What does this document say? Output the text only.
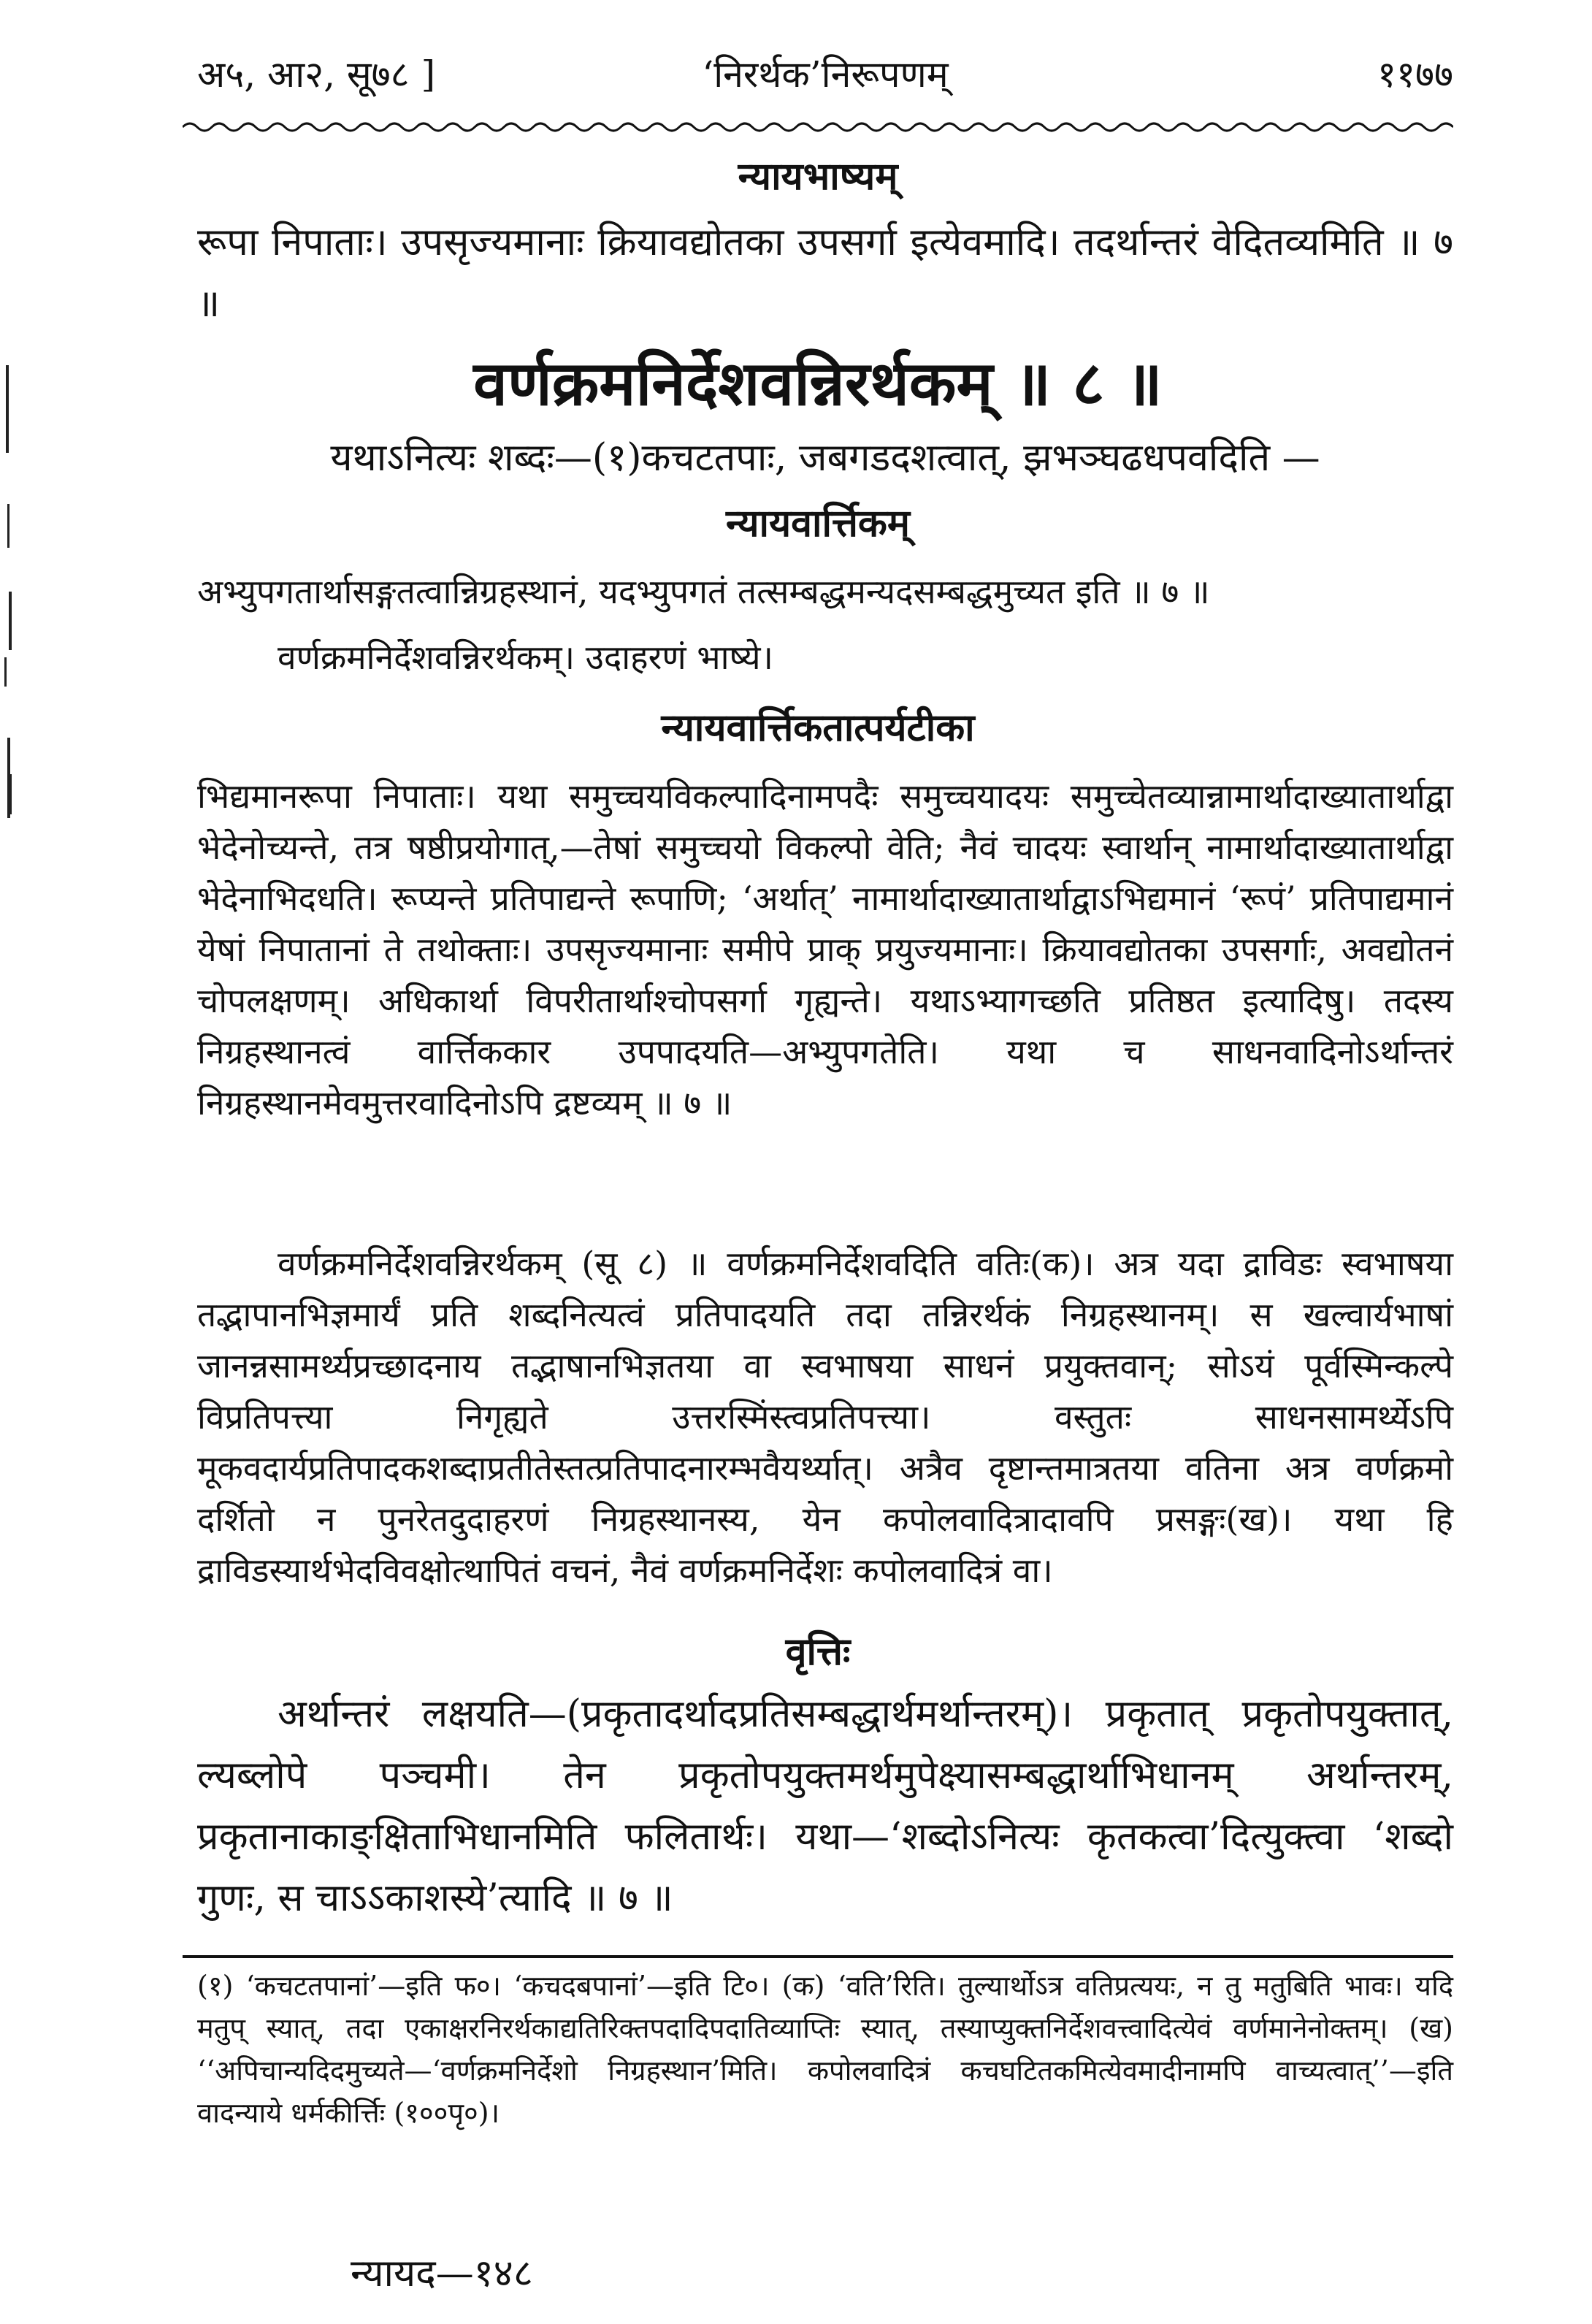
अ५, आ२, सू७८ ]	‘निरर्थक’निरूपणम्	११७७
न्यायभाष्यम्
रूपा निपाताः। उपसृज्यमानाः क्रियावद्योतका उपसर्गा इत्येवमादि। तदर्थान्तरं वेदितव्यमिति ॥ ७ ॥
वर्णक्रमनिर्देशवन्निरर्थकम् ॥ ८ ॥
यथाऽनित्यः शब्दः—(१)कचटतपाः, जबगडदशत्वात्, झभञ्घढधपवदिति —
न्यायवार्त्तिकम्
अभ्युपगतार्थासङ्गतत्वान्निग्रहस्थानं, यदभ्युपगतं तत्सम्बद्धमन्यदसम्बद्धमुच्यत इति ॥ ७ ॥
वर्णक्रमनिर्देशवन्निरर्थकम्। उदाहरणं भाष्ये।
न्यायवार्त्तिकतात्पर्यटीका
भिद्यमानरूपा निपाताः। यथा समुच्चयविकल्पादिनामपदैः समुच्चयादयः समुच्चेतव्यान्नामार्थादाख्यातार्थाद्वा भेदेनोच्यन्ते, तत्र षष्ठीप्रयोगात्,—तेषां समुच्चयो विकल्पो वेति; नैवं चादयः स्वार्थान् नामार्थादाख्यातार्थाद्वा भेदेनाभिदधति। रूप्यन्ते प्रतिपाद्यन्ते रूपाणि; ‘अर्थात्’ नामार्थादाख्यातार्थाद्वाऽभिद्यमानं ‘रूपं’ प्रतिपाद्यमानं येषां निपातानां ते तथोक्ताः। उपसृज्यमानाः समीपे प्राक् प्रयुज्यमानाः। क्रियावद्योतका उपसर्गाः, अवद्योतनं चोपलक्षणम्। अधिकार्था विपरीतार्थाश्चोपसर्गा गृह्यन्ते। यथाऽभ्यागच्छति प्रतिष्ठत इत्यादिषु। तदस्य निग्रहस्थानत्वं वार्त्तिककार उपपादयति—अभ्युपगतेति। यथा च साधनवादिनोऽर्थान्तरं निग्रहस्थानमेवमुत्तरवादिनोऽपि द्रष्टव्यम् ॥ ७ ॥
वर्णक्रमनिर्देशवन्निरर्थकम् (सू ८) ॥ वर्णक्रमनिर्देशवदिति वतिः(क)। अत्र यदा द्राविडः स्वभाषया तद्भापानभिज्ञमार्यं प्रति शब्दनित्यत्वं प्रतिपादयति तदा तन्निरर्थकं निग्रहस्थानम्। स खल्वार्यभाषां जानन्नसामर्थ्यप्रच्छादनाय तद्भाषानभिज्ञतया वा स्वभाषया साधनं प्रयुक्तवान्; सोऽयं पूर्वस्मिन्कल्पे विप्रतिपत्त्या निगृह्यते उत्तरस्मिंस्त्वप्रतिपत्त्या। वस्तुतः साधनसामर्थ्येऽपि मूकवदार्यप्रतिपादकशब्दाप्रतीतेस्तत्प्रतिपादनारम्भवैयर्थ्यात्। अत्रैव दृष्टान्तमात्रतया वतिना अत्र वर्णक्रमो दर्शितो न पुनरेतदुदाहरणं निग्रहस्थानस्य, येन कपोलवादित्रादावपि प्रसङ्गः(ख)। यथा हि द्राविडस्यार्थभेदविवक्षोत्थापितं वचनं, नैवं वर्णक्रमनिर्देशः कपोलवादित्रं वा।
वृत्तिः
अर्थान्तरं लक्षयति—(प्रकृतादर्थादप्रतिसम्बद्धार्थमर्थान्तरम्)। प्रकृतात् प्रकृतोपयुक्तात्, ल्यब्लोपे पञ्चमी। तेन प्रकृतोपयुक्तमर्थमुपेक्ष्यासम्बद्धार्थाभिधानम् अर्थान्तरम्, प्रकृतानाकाङ्क्षिताभिधानमिति फलितार्थः। यथा—‘शब्दोऽनित्यः कृतकत्वा’दित्युक्त्वा ‘शब्दो गुणः, स चाऽऽकाशस्ये’त्यादि ॥ ७ ॥
(१) ‘कचटतपानां’—इति फ०। ‘कचदबपानां’—इति टि०। (क) ‘वति’रिति। तुल्यार्थोऽत्र वतिप्रत्ययः, न तु मतुबिति भावः। यदि मतुप् स्यात्, तदा एकाक्षरनिरर्थकाद्यतिरिक्तपदादिपदातिव्याप्तिः स्यात्, तस्याप्युक्तनिर्देशवत्त्वादित्येवं वर्णमानेनोक्तम्। (ख) ‘‘अपिचान्यदिदमुच्यते—‘वर्णक्रमनिर्देशो निग्रहस्थान’मिति। कपोलवादित्रं कचघटितकमित्येवमादीनामपि वाच्यत्वात्’’—इति वादन्याये धर्मकीर्त्तिः (१००पृ०)।
न्यायद—१४८
